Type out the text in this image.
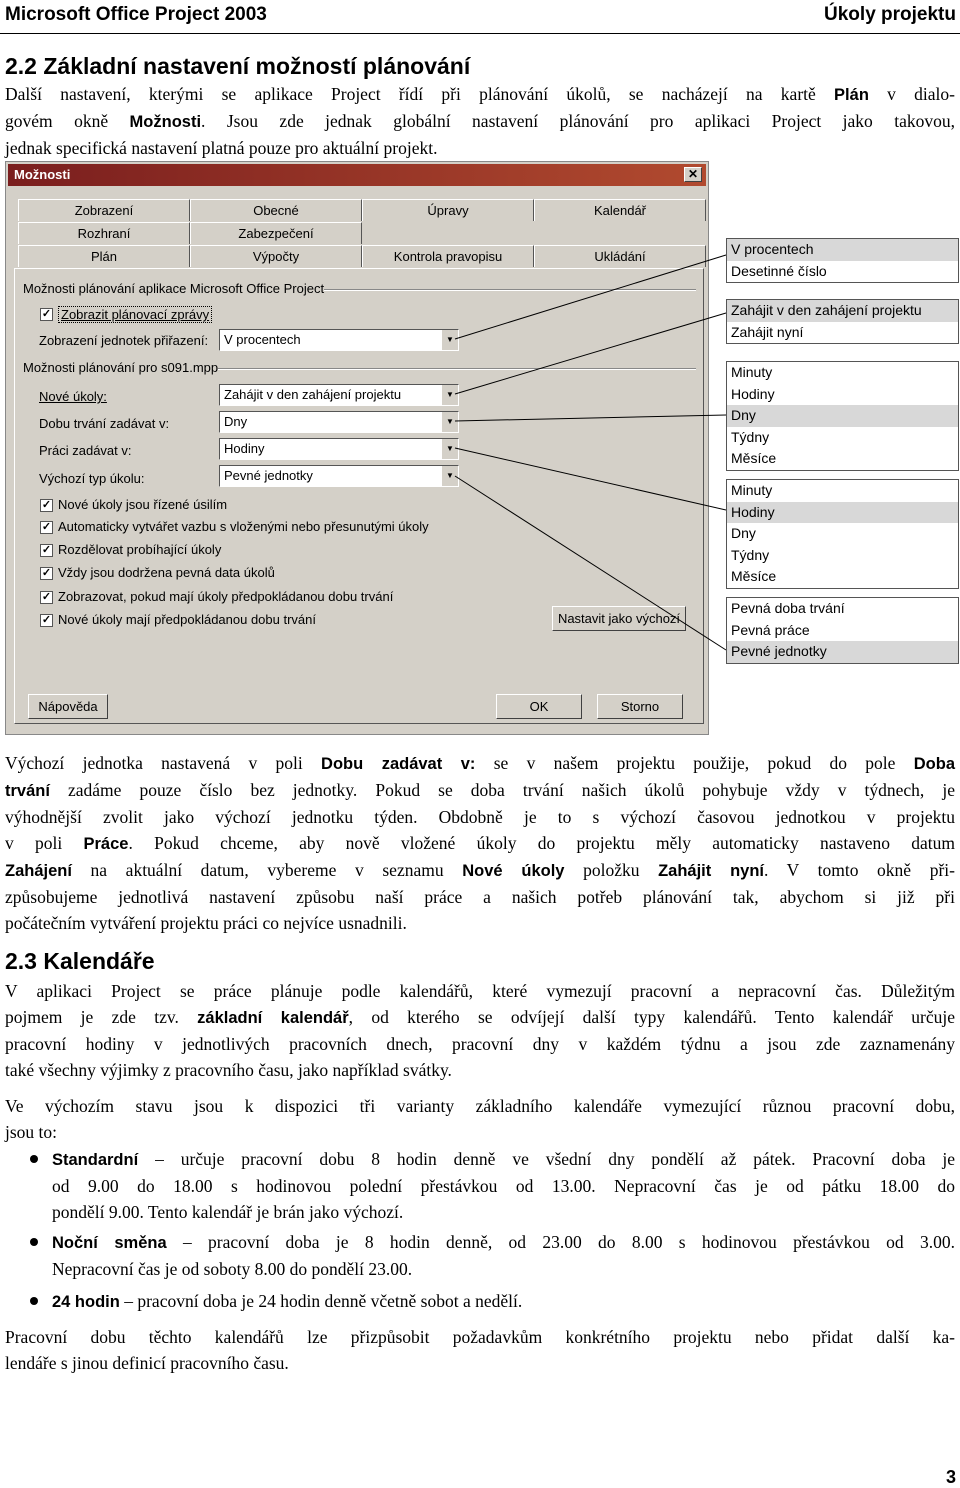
Microsoft Office Project 2003	Úkoly projektu
2.2 Základní nastavení možností plánování
Další nastavení, kterými se aplikace Project řídí při plánování úkolů, se nacházejí na kartě Plán v dialo-
govém okně Možnosti. Jsou zde jednak globální nastavení plánování pro aplikaci Project jako takovou,
jednak specifická nastavení platná pouze pro aktuální projekt.
Možnosti	✕
Zobrazení	Obecné	Úpravy	Kalendář
Rozhraní	Zabezpečení
Plán	Výpočty	Kontrola pravopisu	Ukládání
Možnosti plánování aplikace Microsoft Office Project
✓ Zobrazit plánovací zprávy
Zobrazení jednotek přiřazení:	V procentech	▼
Možnosti plánování pro s091.mpp
Nové úkoly:	Zahájit v den zahájení projektu	▼
Dobu trvání zadávat v:	Dny	▼
Práci zadávat v:	Hodiny	▼
Výchozí typ úkolu:	Pevné jednotky	▼
✓ Nové úkoly jsou řízené úsilím
✓ Automaticky vytvářet vazbu s vloženými nebo přesunutými úkoly
✓ Rozdělovat probíhající úkoly
✓ Vždy jsou dodržena pevná data úkolů
✓ Zobrazovat, pokud mají úkoly předpokládanou dobu trvání
✓ Nové úkoly mají předpokládanou dobu trvání	Nastavit jako výchozí
Nápověda	OK	Storno
V procentech
Desetinné číslo
Zahájit v den zahájení projektu
Zahájit nyní
Minuty
Hodiny
Dny
Týdny
Měsíce
Minuty
Hodiny
Dny
Týdny
Měsíce
Pevná doba trvání
Pevná práce
Pevné jednotky
Výchozí jednotka nastavená v poli Dobu zadávat v: se v našem projektu použije, pokud do pole Doba
trvání zadáme pouze číslo bez jednotky. Pokud se doba trvání našich úkolů pohybuje vždy v týdnech, je
výhodnější zvolit jako výchozí jednotku týden. Obdobně je to s výchozí časovou jednotkou v projektu
v poli Práce. Pokud chceme, aby nově vložené úkoly do projektu měly automaticky nastaveno datum
Zahájení na aktuální datum, vybereme v seznamu Nové úkoly položku Zahájit nyní. V tomto okně při-
způsobujeme jednotlivá nastavení způsobu naší práce a našich potřeb plánování tak, abychom si již při
počátečním vytváření projektu práci co nejvíce usnadnili.
2.3 Kalendáře
V aplikaci Project se práce plánuje podle kalendářů, které vymezují pracovní a nepracovní čas. Důležitým
pojmem je zde tzv. základní kalendář, od kterého se odvíjejí další typy kalendářů. Tento kalendář určuje
pracovní hodiny v jednotlivých pracovních dnech, pracovní dny v každém týdnu a jsou zde zaznamenány
také všechny výjimky z pracovního času, jako například svátky.
Ve výchozím stavu jsou k dispozici tři varianty základního kalendáře vymezující různou pracovní dobu,
jsou to:
Standardní – určuje pracovní dobu 8 hodin denně ve všední dny pondělí až pátek. Pracovní doba je
od 9.00 do 18.00 s hodinovou polední přestávkou od 13.00. Nepracovní čas je od pátku 18.00 do
pondělí 9.00. Tento kalendář je brán jako výchozí.
Noční směna – pracovní doba je 8 hodin denně, od 23.00 do 8.00 s hodinovou přestávkou od 3.00.
Nepracovní čas je od soboty 8.00 do pondělí 23.00.
24 hodin – pracovní doba je 24 hodin denně včetně sobot a nedělí.
Pracovní dobu těchto kalendářů lze přizpůsobit požadavkům konkrétního projektu nebo přidat další ka-
lendáře s jinou definicí pracovního času.
3
